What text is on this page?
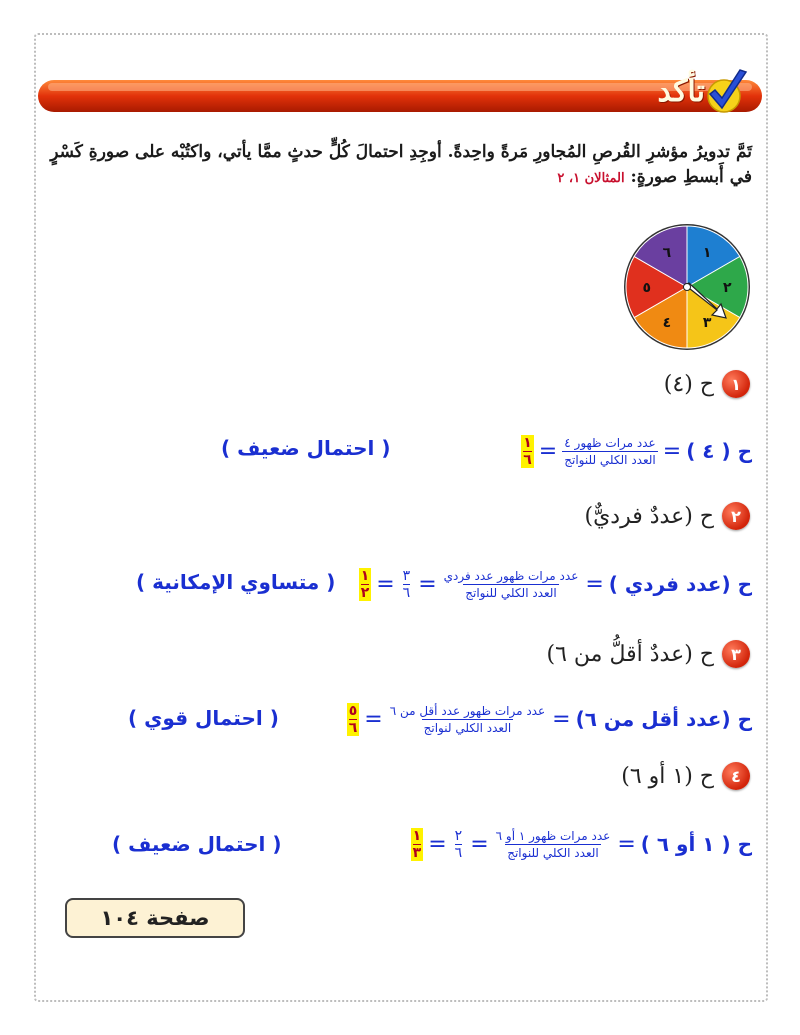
تأكد
تَمَّ تدويرُ مؤشرِ القُرصِ المُجاورِ مَرةً واحِدةً. أوجِدِ احتمالَ كُلٍّ حدثٍ ممَّا يأتي، واكتُبْه على صورةِ كَسْرٍ في أَبسطِ صورةٍ: المثالان ١، ٢
١
٢
٣
٤
٥
٦
١
ح (٤)
ح ( ٤ )
=
$\frac{\text{عدد مرات ظهور ٤}}{\text{العدد الكلي للنواتج}}$
=
١
٦
( احتمال ضعيف )
٢
ح (عددٌ فرديٌّ)
ح (عدد فردي )
=
$\frac{\text{عدد مرات ظهور عدد فردي}}{\text{العدد الكلي للنواتج}}$
=
٣
٦
=
١
٢
( متساوي الإمكانية )
٣
ح (عددٌ أقلُّ من ٦)
ح (عدد أقل من ٦)
=
$\frac{\text{عدد مرات ظهور عدد أقل من ٦}}{\text{العدد الكلي لنواتج}}$
=
٥
٦
( احتمال قوي )
٤
ح (١ أو ٦)
ح ( ١ أو ٦ )
=
$\frac{\text{عدد مرات ظهور ١ أو ٦}}{\text{العدد الكلي للنواتج}}$
=
٢
٦
=
١
٣
( احتمال ضعيف )
صفحة ١٠٤
